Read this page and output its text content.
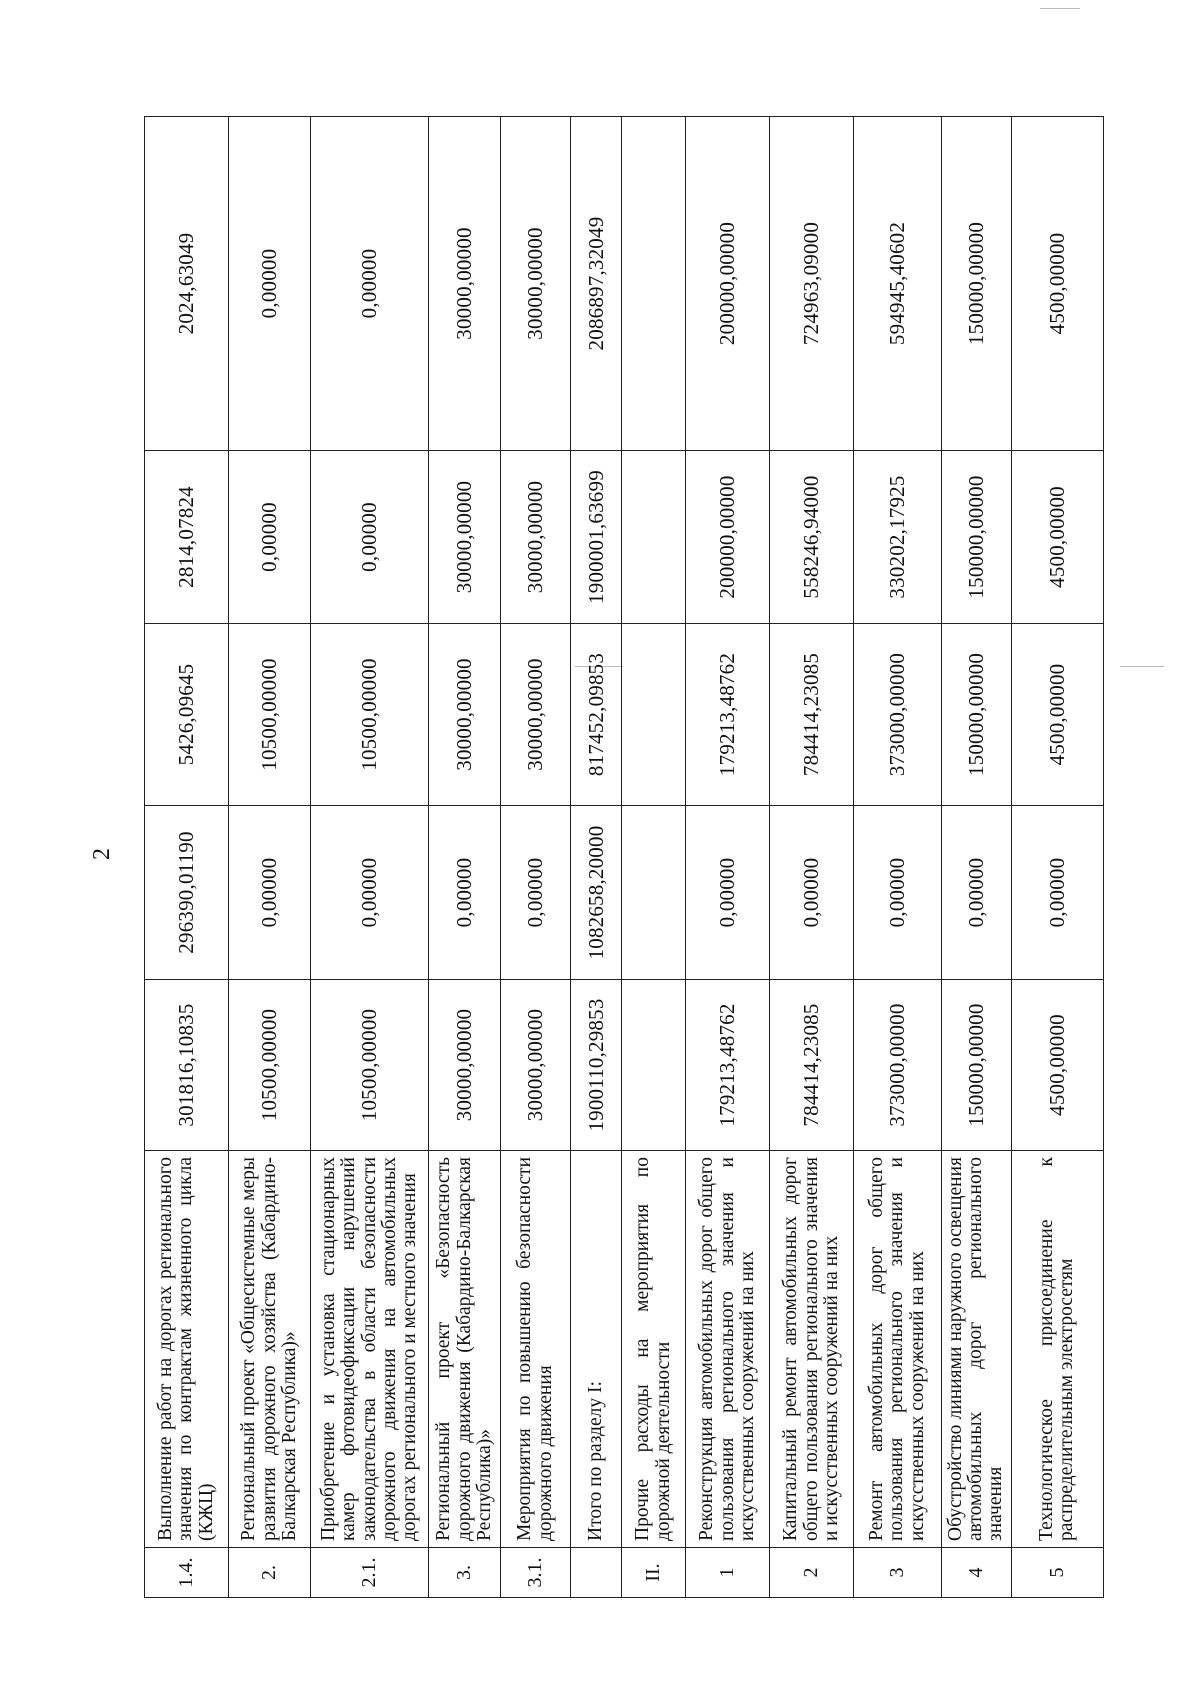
2
1.4.	Выполнение работ на дорогах регионального значения по контрактам жизненного цикла (КЖЦ)	301816,10835	296390,01190	5426,09645	2814,07824	2024,63049
2.	Региональный проект «Общесистемные меры развития дорожного хозяйства (Кабардино-Балкарская Республика)»	10500,00000	0,00000	10500,00000	0,00000	0,00000
2.1.	Приобретение и установка стационарных камер фотовидеофиксации нарушений законодательства в области безопасности дорожного движения на автомобильных дорогах регионального и местного значения	10500,00000	0,00000	10500,00000	0,00000	0,00000
3.	Региональный проект «Безопасность дорожного движения (Кабардино-Балкарская Республика)»	30000,00000	0,00000	30000,00000	30000,00000	30000,00000
3.1.	Мероприятия по повышению безопасности дорожного движения	30000,00000	0,00000	30000,00000	30000,00000	30000,00000
	Итого по разделу I:	1900110,29853	1082658,20000	817452,09853	1900001,63699	2086897,32049
II.	Прочие расходы на мероприятия по дорожной деятельности					
1	Реконструкция автомобильных дорог общего пользования регионального значения и искусственных сооружений на них	179213,48762	0,00000	179213,48762	200000,00000	200000,00000
2	Капитальный ремонт автомобильных дорог общего пользования регионального значения и искусственных сооружений на них	784414,23085	0,00000	784414,23085	558246,94000	724963,09000
3	Ремонт автомобильных дорог общего пользования регионального значения и искусственных сооружений на них	373000,00000	0,00000	373000,00000	330202,17925	594945,40602
4	Обустройство линиями наружного освещения автомобильных дорог регионального значения	150000,00000	0,00000	150000,00000	150000,00000	150000,00000
5	Технологическое присоединение к распределительным электросетям	4500,00000	0,00000	4500,00000	4500,00000	4500,00000
